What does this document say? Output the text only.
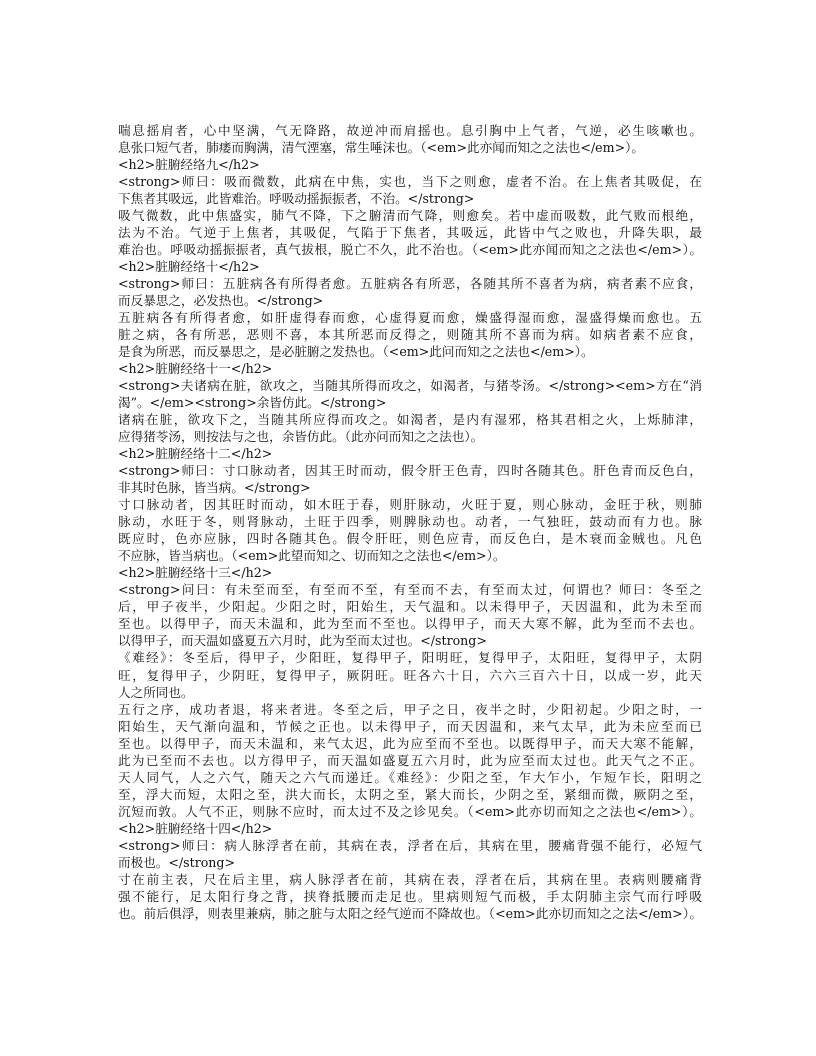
喘息摇肩者，心中坚满，气无降路，故逆冲而肩摇也。息引胸中上气者，气逆，必生咳嗽也。
息张口短气者，肺痿而胸满，清气湮塞，常生唾沫也。（<em>此亦闻而知之之法也</em>）。
<h2>脏腑经络九</h2>
<strong>师曰：吸而微数，此病在中焦，实也，当下之则愈，虚者不治。在上焦者其吸促，在
下焦者其吸远，此皆难治。呼吸动摇振振者，不治。</strong>
吸气微数，此中焦盛实，肺气不降，下之腑清而气降，则愈矣。若中虚而吸数，此气败而根绝，
法为不治。气逆于上焦者，其吸促，气陷于下焦者，其吸远，此皆中气之败也，升降失职，最
难治也。呼吸动摇振振者，真气拔根，脱亡不久，此不治也。（<em>此亦闻而知之之法也</em>）。
<h2>脏腑经络十</h2>
<strong>师曰：五脏病各有所得者愈。五脏病各有所恶，各随其所不喜者为病，病者素不应食，
而反暴思之，必发热也。</strong>
五脏病各有所得者愈，如肝虚得春而愈，心虚得夏而愈，燥盛得湿而愈，湿盛得燥而愈也。五
脏之病，各有所恶，恶则不喜，本其所恶而反得之，则随其所不喜而为病。如病者素不应食，
是食为所恶，而反暴思之，是必脏腑之发热也。（<em>此问而知之之法也</em>）。
<h2>脏腑经络十一</h2>
<strong>夫诸病在脏，欲攻之，当随其所得而攻之，如渴者，与猪苓汤。</strong><em>方在“消
渴”。</em><strong>余皆仿此。</strong>
诸病在脏，欲攻下之，当随其所应得而攻之。如渴者，是内有湿邪，格其君相之火，上烁肺津，
应得猪苓汤，则按法与之也，余皆仿此。（此亦问而知之之法也）。
<h2>脏腑经络十二</h2>
<strong>师曰：寸口脉动者，因其王时而动，假令肝王色青，四时各随其色。肝色青而反色白，
非其时色脉，皆当病。</strong>
寸口脉动者，因其旺时而动，如木旺于春，则肝脉动，火旺于夏，则心脉动，金旺于秋，则肺
脉动，水旺于冬，则肾脉动，土旺于四季，则脾脉动也。动者，一气独旺，鼓动而有力也。脉
既应时，色亦应脉，四时各随其色。假令肝旺，则色应青，而反色白，是木衰而金贼也。凡色
不应脉，皆当病也。（<em>此望而知之、切而知之之法也</em>）。
<h2>脏腑经络十三</h2>
<strong>问曰：有未至而至，有至而不至，有至而不去，有至而太过，何谓也？师曰：冬至之
后，甲子夜半，少阳起。少阳之时，阳始生，天气温和。以未得甲子，天因温和，此为未至而
至也。以得甲子，而天未温和，此为至而不至也。以得甲子，而天大寒不解，此为至而不去也。
以得甲子，而天温如盛夏五六月时，此为至而太过也。</strong>
《难经》：冬至后，得甲子，少阳旺，复得甲子，阳明旺，复得甲子，太阳旺，复得甲子，太阴
旺，复得甲子，少阴旺，复得甲子，厥阴旺。旺各六十日，六六三百六十日，以成一岁，此天
人之所同也。
五行之序，成功者退，将来者进。冬至之后，甲子之日，夜半之时，少阳初起。少阳之时，一
阳始生，天气渐向温和，节候之正也。以未得甲子，而天因温和，来气太早，此为未应至而已
至也。以得甲子，而天未温和，来气太迟，此为应至而不至也。以既得甲子，而天大寒不能解，
此为已至而不去也。以方得甲子，而天温如盛夏五六月时，此为应至而太过也。此天气之不正。
天人同气，人之六气，随天之六气而递迁。《难经》：少阳之至，乍大乍小，乍短乍长，阳明之
至，浮大而短，太阳之至，洪大而长，太阴之至，紧大而长，少阴之至，紧细而微，厥阴之至，
沉短而敦。人气不正，则脉不应时，而太过不及之诊见矣。（<em>此亦切而知之之法也</em>）。
<h2>脏腑经络十四</h2>
<strong>师曰：病人脉浮者在前，其病在表，浮者在后，其病在里，腰痛背强不能行，必短气
而极也。</strong>
寸在前主表，尺在后主里，病人脉浮者在前，其病在表，浮者在后，其病在里。表病则腰痛背
强不能行，足太阳行身之背，挟脊抵腰而走足也。里病则短气而极，手太阴肺主宗气而行呼吸
也。前后俱浮，则表里兼病，肺之脏与太阳之经气逆而不降故也。（<em>此亦切而知之之法</em>）。
